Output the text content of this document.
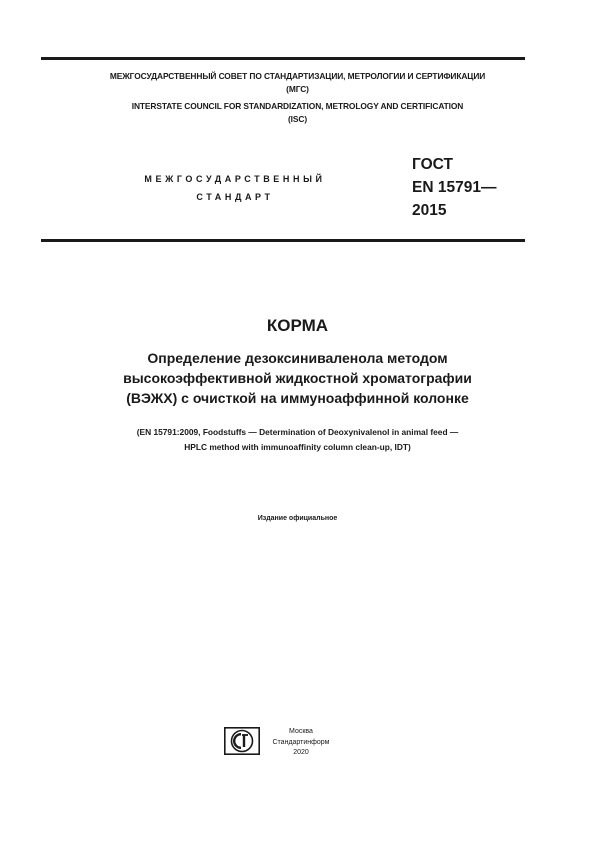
МЕЖГОСУДАРСТВЕННЫЙ СОВЕТ ПО СТАНДАРТИЗАЦИИ, МЕТРОЛОГИИ И СЕРТИФИКАЦИИ
(МГС)
INTERSTATE COUNCIL FOR STANDARDIZATION, METROLOGY AND CERTIFICATION
(ISC)
МЕЖГОСУДАРСТВЕННЫЙ
СТАНДАРТ
ГОСТ
EN 15791—
2015
КОРМА
Определение дезоксиниваленола методом
высокоэффективной жидкостной хроматографии
(ВЭЖХ) с очисткой на иммуноаффинной колонке
(EN 15791:2009, Foodstuffs — Determination of Deoxynivalenol in animal feed —
HPLC method with immunoaffinity column clean-up, IDT)
Издание официальное
Москва
Стандартинформ
2020
